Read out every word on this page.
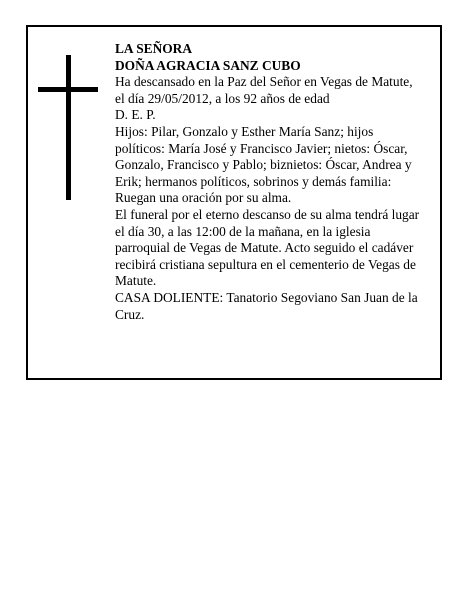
LA SEÑORA

DOÑA AGRACIA SANZ CUBO

Ha descansado en la Paz del Señor en Vegas de Matute, el día 29/05/2012, a los 92 años de edad

D. E. P.

Hijos: Pilar, Gonzalo y Esther María Sanz; hijos políticos: María José y Francisco Javier; nietos: Óscar, Gonzalo, Francisco y Pablo; biznietos: Óscar, Andrea y Erik; hermanos políticos, sobrinos y demás familia:

Ruegan una oración por su alma.

El funeral por el eterno descanso de su alma tendrá lugar el día 30, a las 12:00 de la mañana, en la iglesia parroquial de Vegas de Matute. Acto seguido el cadáver recibirá cristiana sepultura en el cementerio de Vegas de Matute.

CASA DOLIENTE: Tanatorio Segoviano San Juan de la Cruz.
